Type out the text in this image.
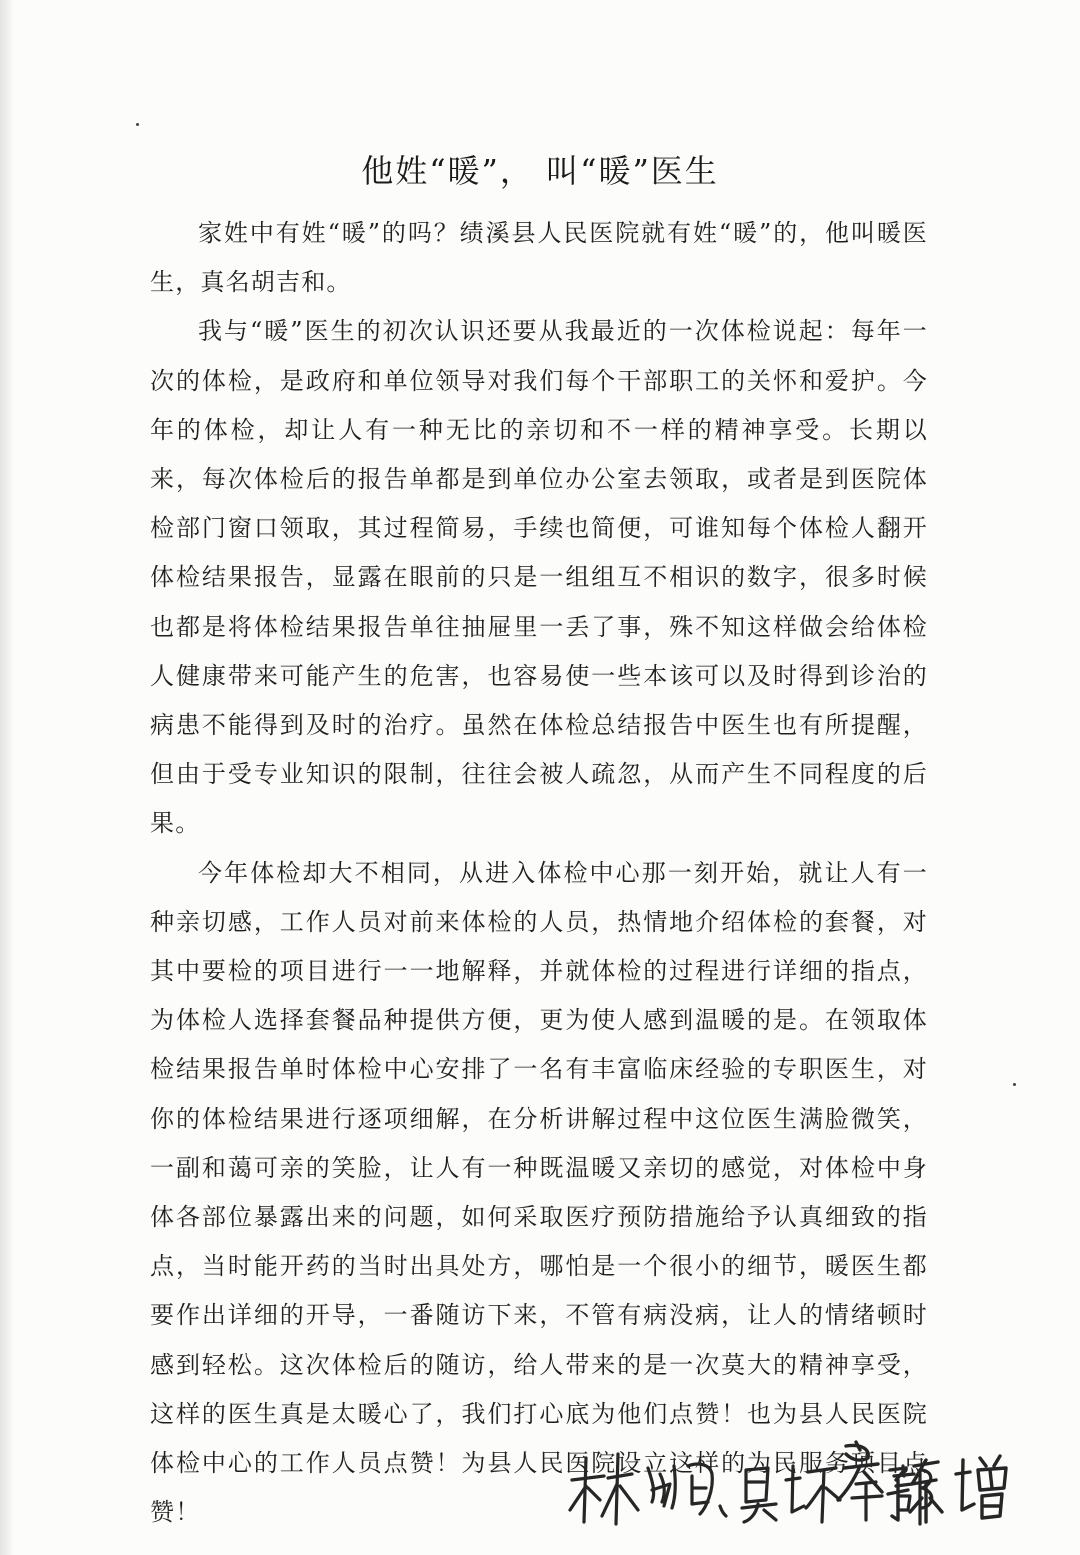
他姓“暖”， 叫“暖”医生

家姓中有姓“暖”的吗？绩溪县人民医院就有姓“暖”的，他叫暖医生，真名胡吉和。

我与“暖”医生的初次认识还要从我最近的一次体检说起：每年一次的体检，是政府和单位领导对我们每个干部职工的关怀和爱护。今年的体检，却让人有一种无比的亲切和不一样的精神享受。长期以来，每次体检后的报告单都是到单位办公室去领取，或者是到医院体检部门窗口领取，其过程简易，手续也简便，可谁知每个体检人翻开体检结果报告，显露在眼前的只是一组组互不相识的数字，很多时候也都是将体检结果报告单往抽屉里一丢了事，殊不知这样做会给体检人健康带来可能产生的危害，也容易使一些本该可以及时得到诊治的病患不能得到及时的治疗。虽然在体检总结报告中医生也有所提醒，但由于受专业知识的限制，往往会被人疏忽，从而产生不同程度的后果。

今年体检却大不相同，从进入体检中心那一刻开始，就让人有一种亲切感，工作人员对前来体检的人员，热情地介绍体检的套餐，对其中要检的项目进行一一地解释，并就体检的过程进行详细的指点，为体检人选择套餐品种提供方便，更为使人感到温暖的是。在领取体检结果报告单时体检中心安排了一名有丰富临床经验的专职医生，对你的体检结果进行逐项细解，在分析讲解过程中这位医生满脸微笑，一副和蔼可亲的笑脸，让人有一种既温暖又亲切的感觉，对体检中身体各部位暴露出来的问题，如何采取医疗预防措施给予认真细致的指点，当时能开药的当时出具处方，哪怕是一个很小的细节，暖医生都要作出详细的开导，一番随访下来，不管有病没病，让人的情绪顿时感到轻松。这次体检后的随访，给人带来的是一次莫大的精神享受，这样的医生真是太暖心了，我们打心底为他们点赞！也为县人民医院体检中心的工作人员点赞！为县人民医院设立这样的为民服务项目点赞！
